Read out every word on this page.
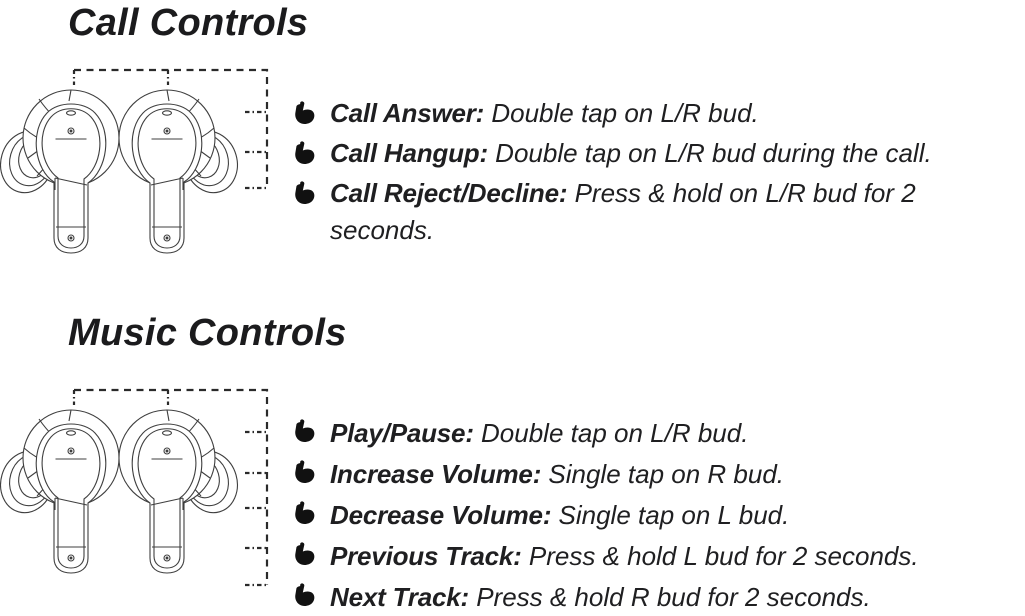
Call Controls
Call Answer: Double tap on L/R bud.
Call Hangup: Double tap on L/R bud during the call.
Call Reject/Decline: Press & hold on L/R bud for 2 seconds.
Music Controls
Play/Pause: Double tap on L/R bud.
Increase Volume: Single tap on R bud.
Decrease Volume: Single tap on L bud.
Previous Track: Press & hold L bud for 2 seconds.
Next Track: Press & hold R bud for 2 seconds.
